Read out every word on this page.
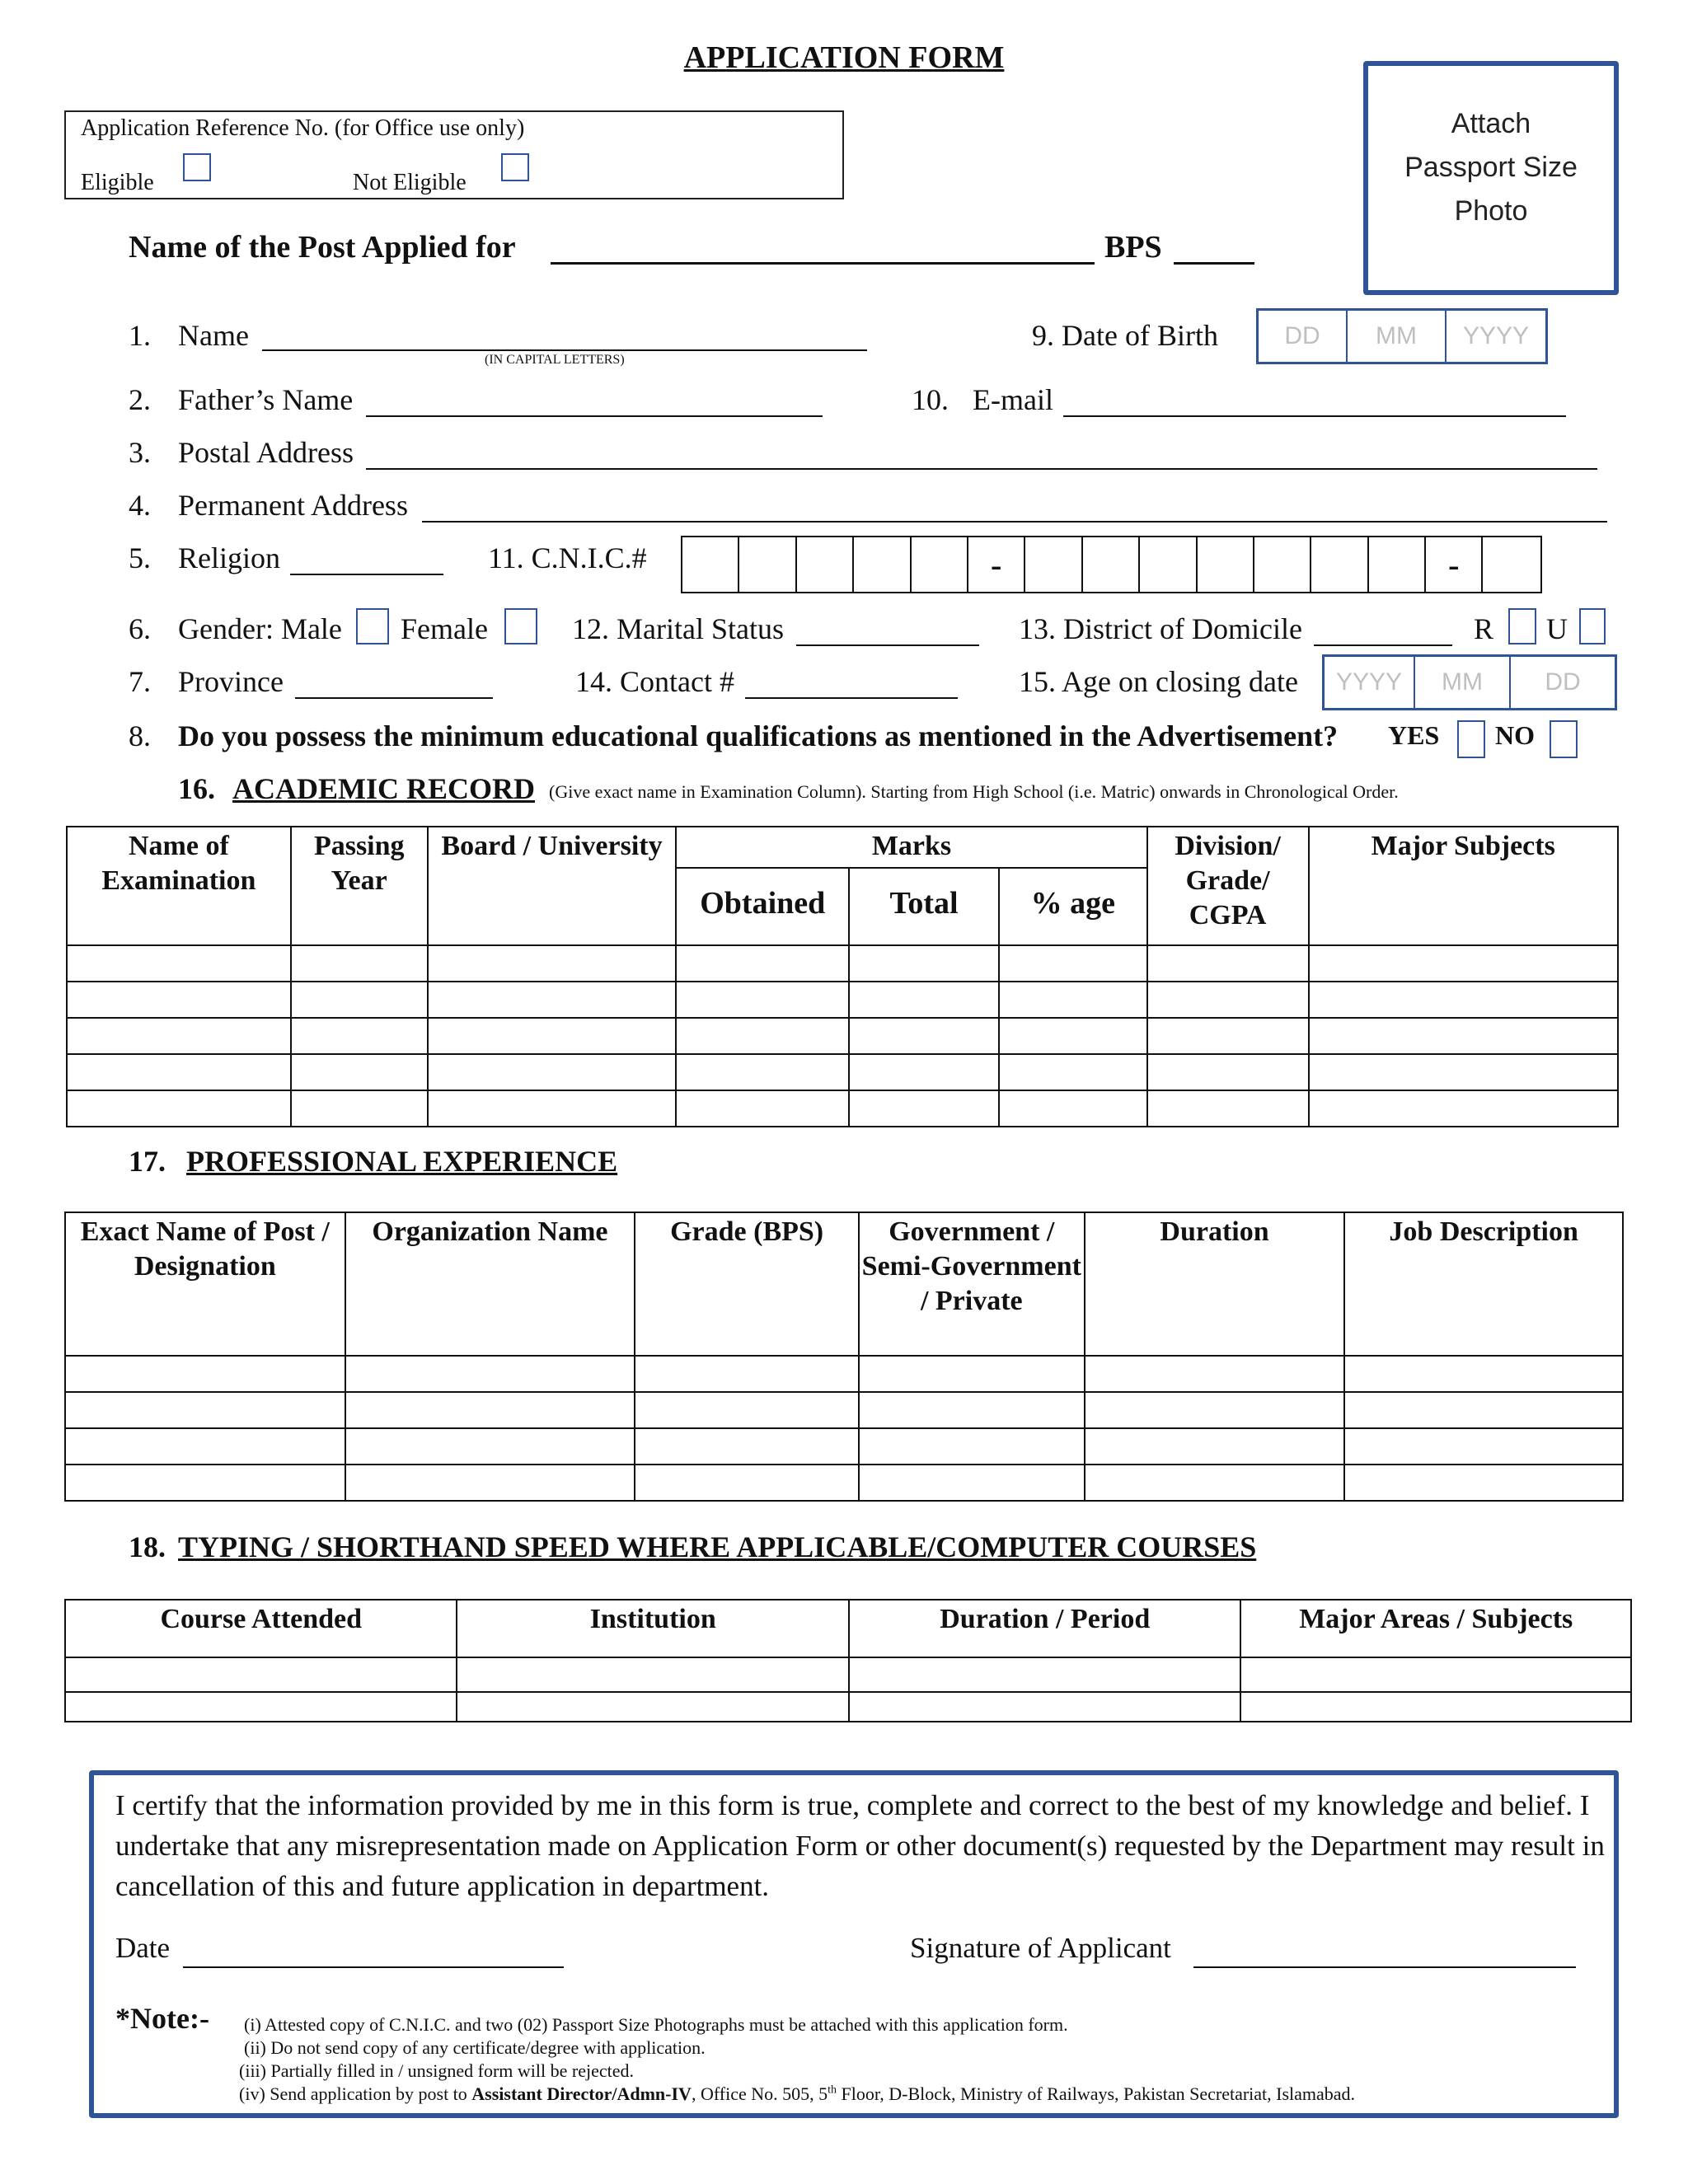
APPLICATION FORM
Application Reference No. (for Office use only)
Eligible	Not Eligible
Attach
Passport Size
Photo
Name of the Post Applied for	BPS
1. Name
(IN CAPITAL LETTERS)
9. Date of Birth	DD	MM	YYYY
2. Father’s Name	10. E-mail
3. Postal Address
4. Permanent Address
5. Religion	11. C.N.I.C.#	-	-
6. Gender: Male Female	12. Marital Status	13. District of Domicile	R U
7. Province	14. Contact #	15. Age on closing date	YYYY	MM	DD
8. Do you possess the minimum educational qualifications as mentioned in the Advertisement? YES NO
16. ACADEMIC RECORD (Give exact name in Examination Column). Starting from High School (i.e. Matric) onwards in Chronological Order.
Name of Examination	Passing Year	Board / University	Marks			Division/ Grade/ CGPA	Major Subjects
			Obtained	Total	% age		

17. PROFESSIONAL EXPERIENCE
Exact Name of Post / Designation	Organization Name	Grade (BPS)	Government / Semi-Government / Private	Duration	Job Description

18. TYPING / SHORTHAND SPEED WHERE APPLICABLE/COMPUTER COURSES
Course Attended	Institution	Duration / Period	Major Areas / Subjects

I certify that the information provided by me in this form is true, complete and correct to the best of my knowledge and belief. I undertake that any misrepresentation made on Application Form or other document(s) requested by the Department may result in cancellation of this and future application in department.
Date	Signature of Applicant
*Note:- (i) Attested copy of C.N.I.C. and two (02) Passport Size Photographs must be attached with this application form.
(ii) Do not send copy of any certificate/degree with application.
(iii) Partially filled in / unsigned form will be rejected.
(iv) Send application by post to Assistant Director/Admn-IV, Office No. 505, 5th Floor, D-Block, Ministry of Railways, Pakistan Secretariat, Islamabad.
